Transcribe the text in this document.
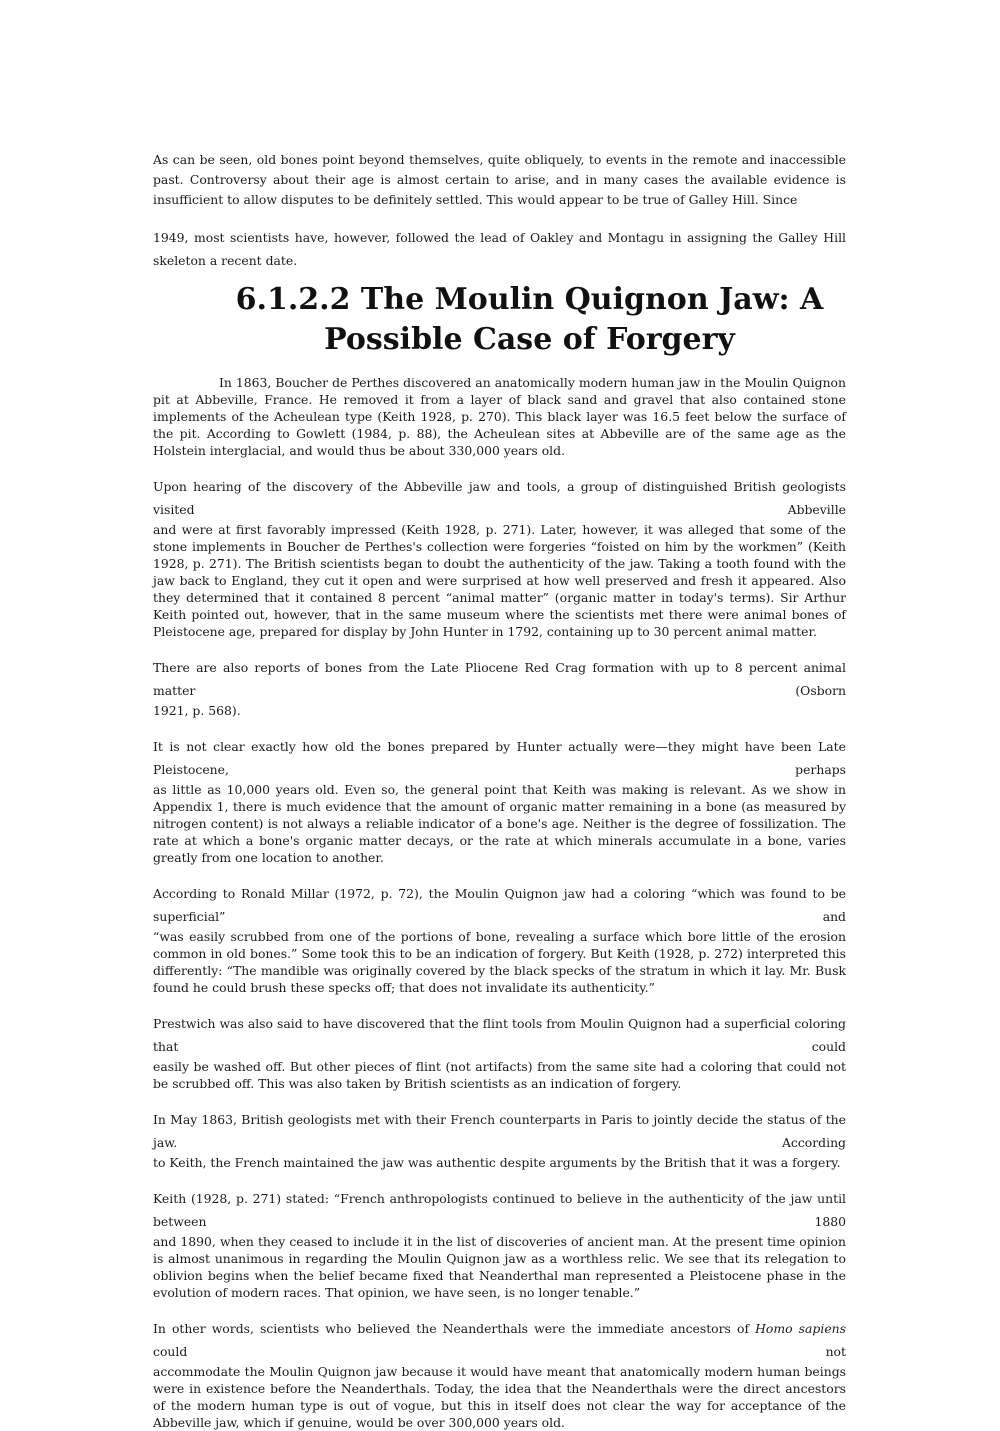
As can be seen, old bones point beyond themselves, quite obliquely, to events in the remote and inaccessible past. Controversy about their age is almost certain to arise, and in many cases the available evidence is insufficient to allow disputes to be definitely settled. This would appear to be true of Galley Hill. Since

1949, most scientists have, however, followed the lead of Oakley and Montagu in assigning the Galley Hill skeleton a recent date.

6.1.2.2 The Moulin Quignon Jaw: A
Possible Case of Forgery

In 1863, Boucher de Perthes discovered an anatomically modern human jaw in the Moulin Quignon pit at Abbeville, France. He removed it from a layer of black sand and gravel that also contained stone implements of the Acheulean type (Keith 1928, p. 270). This black layer was 16.5 feet below the surface of the pit. According to Gowlett (1984, p. 88), the Acheulean sites at Abbeville are of the same age as the Holstein interglacial, and would thus be about 330,000 years old.

Upon hearing of the discovery of the Abbeville jaw and tools, a group of distinguished British geologists visited Abbeville
and were at first favorably impressed (Keith 1928, p. 271). Later, however, it was alleged that some of the stone implements in Boucher de Perthes's collection were forgeries “foisted on him by the workmen” (Keith 1928, p. 271). The British scientists began to doubt the authenticity of the jaw. Taking a tooth found with the jaw back to England, they cut it open and were surprised at how well preserved and fresh it appeared. Also they determined that it contained 8 percent “animal matter” (organic matter in today's terms). Sir Arthur Keith pointed out, however, that in the same museum where the scientists met there were animal bones of Pleistocene age, prepared for display by John Hunter in 1792, containing up to 30 percent animal matter.

There are also reports of bones from the Late Pliocene Red Crag formation with up to 8 percent animal matter (Osborn
1921, p. 568).

It is not clear exactly how old the bones prepared by Hunter actually were—they might have been Late Pleistocene, perhaps
as little as 10,000 years old. Even so, the general point that Keith was making is relevant. As we show in Appendix 1, there is much evidence that the amount of organic matter remaining in a bone (as measured by nitrogen content) is not always a reliable indicator of a bone's age. Neither is the degree of fossilization. The rate at which a bone's organic matter decays, or the rate at which minerals accumulate in a bone, varies greatly from one location to another.

According to Ronald Millar (1972, p. 72), the Moulin Quignon jaw had a coloring “which was found to be superficial” and
“was easily scrubbed from one of the portions of bone, revealing a surface which bore little of the erosion common in old bones.” Some took this to be an indication of forgery. But Keith (1928, p. 272) interpreted this differently: “The mandible was originally covered by the black specks of the stratum in which it lay. Mr. Busk found he could brush these specks off; that does not invalidate its authenticity.”

Prestwich was also said to have discovered that the flint tools from Moulin Quignon had a superficial coloring that could
easily be washed off. But other pieces of flint (not artifacts) from the same site had a coloring that could not be scrubbed off. This was also taken by British scientists as an indication of forgery.

In May 1863, British geologists met with their French counterparts in Paris to jointly decide the status of the jaw. According
to Keith, the French maintained the jaw was authentic despite arguments by the British that it was a forgery.

Keith (1928, p. 271) stated: “French anthropologists continued to believe in the authenticity of the jaw until between 1880
and 1890, when they ceased to include it in the list of discoveries of ancient man. At the present time opinion is almost unanimous in regarding the Moulin Quignon jaw as a worthless relic. We see that its relegation to oblivion begins when the belief became fixed that Neanderthal man represented a Pleistocene phase in the evolution of modern races. That opinion, we have seen, is no longer tenable.”

In other words, scientists who believed the Neanderthals were the immediate ancestors of Homo sapiens could not
accommodate the Moulin Quignon jaw because it would have meant that anatomically modern human beings were in existence before the Neanderthals. Today, the idea that the Neanderthals were the direct ancestors of the modern human type is out of vogue, but this in itself does not clear the way for acceptance of the Abbeville jaw, which if genuine, would be over 300,000 years old.
